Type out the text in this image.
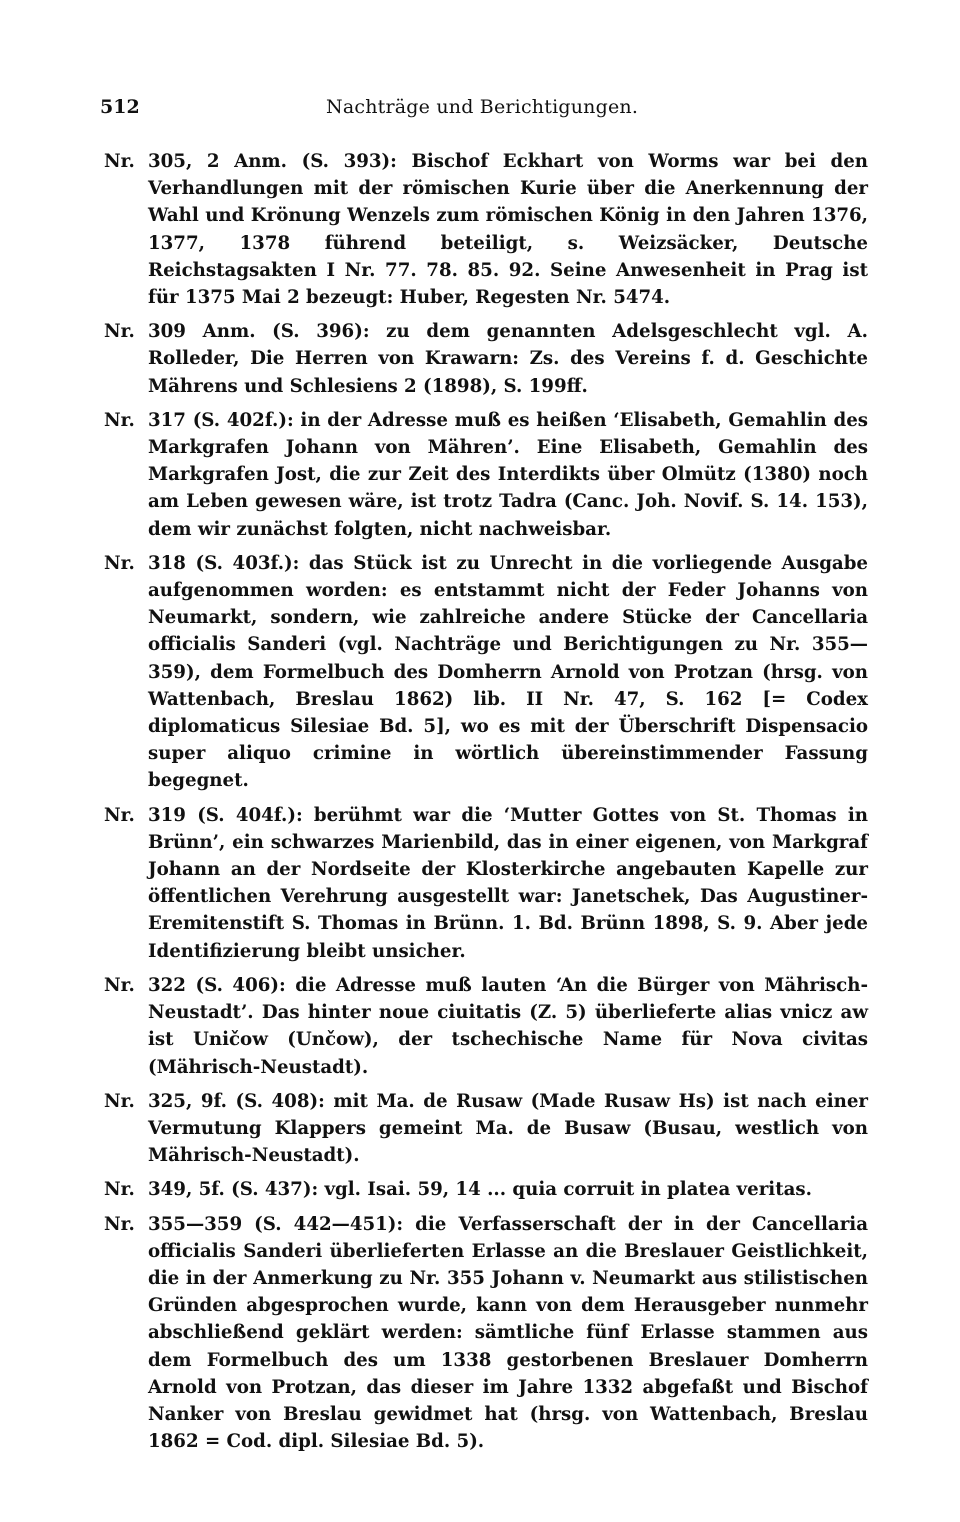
512	Nachträge und Berichtigungen.

Nr. 305, 2 Anm. (S. 393): Bischof Eckhart von Worms war bei den Verhandlungen mit der römischen Kurie über die Anerkennung der Wahl und Krönung Wenzels zum römischen König in den Jahren 1376, 1377, 1378 führend beteiligt, s. Weizsäcker, Deutsche Reichstagsakten I Nr. 77. 78. 85. 92. Seine Anwesenheit in Prag ist für 1375 Mai 2 bezeugt: Huber, Regesten Nr. 5474.

Nr. 309 Anm. (S. 396): zu dem genannten Adelsgeschlecht vgl. A. Rolleder, Die Herren von Krawarn: Zs. des Vereins f. d. Geschichte Mährens und Schlesiens 2 (1898), S. 199ff.

Nr. 317 (S. 402f.): in der Adresse muß es heißen ‘Elisabeth, Gemahlin des Markgrafen Johann von Mähren’. Eine Elisabeth, Gemahlin des Markgrafen Jost, die zur Zeit des Interdikts über Olmütz (1380) noch am Leben gewesen wäre, ist trotz Tadra (Canc. Joh. Novif. S. 14. 153), dem wir zunächst folgten, nicht nachweisbar.

Nr. 318 (S. 403f.): das Stück ist zu Unrecht in die vorliegende Ausgabe aufgenommen worden: es entstammt nicht der Feder Johanns von Neumarkt, sondern, wie zahlreiche andere Stücke der Cancellaria officialis Sanderi (vgl. Nachträge und Berichtigungen zu Nr. 355—359), dem Formelbuch des Domherrn Arnold von Protzan (hrsg. von Wattenbach, Breslau 1862) lib. II Nr. 47, S. 162 [= Codex diplomaticus Silesiae Bd. 5], wo es mit der Überschrift Dispensacio super aliquo crimine in wörtlich übereinstimmender Fassung begegnet.

Nr. 319 (S. 404f.): berühmt war die ‘Mutter Gottes von St. Thomas in Brünn’, ein schwarzes Marienbild, das in einer eigenen, von Markgraf Johann an der Nordseite der Klosterkirche angebauten Kapelle zur öffentlichen Verehrung ausgestellt war: Janetschek, Das Augustiner-Eremitenstift S. Thomas in Brünn. 1. Bd. Brünn 1898, S. 9. Aber jede Identifizierung bleibt unsicher.

Nr. 322 (S. 406): die Adresse muß lauten ‘An die Bürger von Mährisch-Neustadt’. Das hinter noue ciuitatis (Z. 5) überlieferte alias vnicz aw ist Uničow (Unčow), der tschechische Name für Nova civitas (Mährisch-Neustadt).

Nr. 325, 9f. (S. 408): mit Ma. de Rusaw (Made Rusaw Hs) ist nach einer Vermutung Klappers gemeint Ma. de Busaw (Busau, westlich von Mährisch-Neustadt).

Nr. 349, 5f. (S. 437): vgl. Isai. 59, 14 ... quia corruit in platea veritas.

Nr. 355—359 (S. 442—451): die Verfasserschaft der in der Cancellaria officialis Sanderi überlieferten Erlasse an die Breslauer Geistlichkeit, die in der Anmerkung zu Nr. 355 Johann v. Neumarkt aus stilistischen Gründen abgesprochen wurde, kann von dem Herausgeber nunmehr abschließend geklärt werden: sämtliche fünf Erlasse stammen aus dem Formelbuch des um 1338 gestorbenen Breslauer Domherrn Arnold von Protzan, das dieser im Jahre 1332 abgefaßt und Bischof Nanker von Breslau gewidmet hat (hrsg. von Wattenbach, Breslau 1862 = Cod. dipl. Silesiae Bd. 5).
